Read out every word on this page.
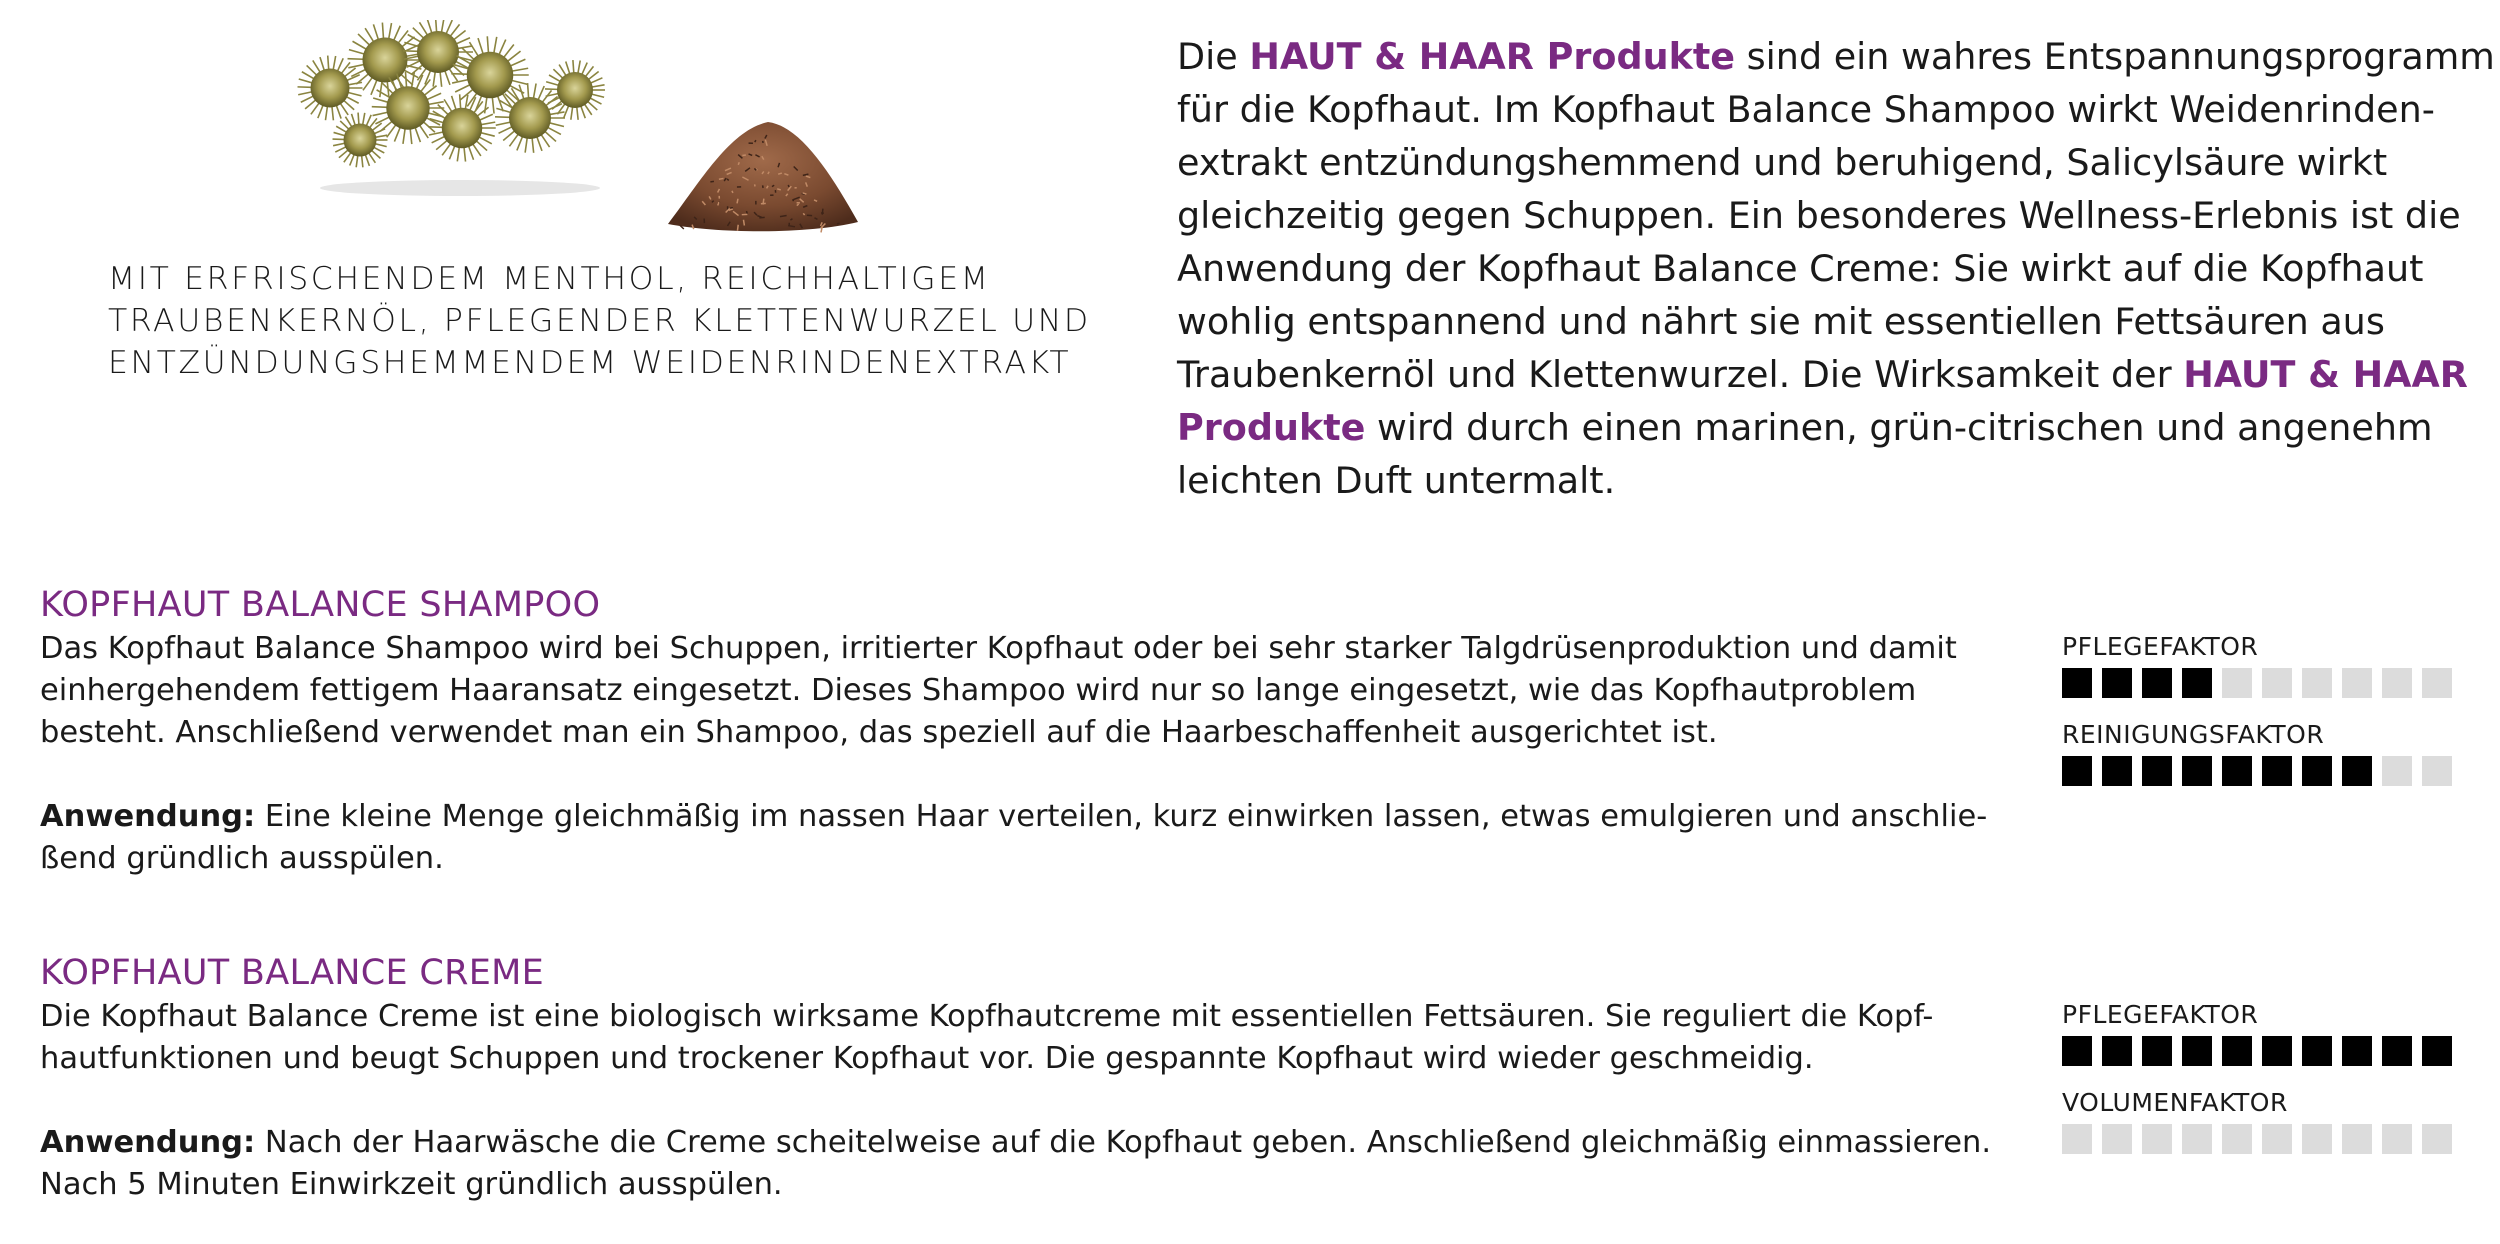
MIT ERFRISCHENDEM MENTHOL, REICHHALTIGEM
TRAUBENKERNÖL, PFLEGENDER KLETTENWURZEL UND
ENTZÜNDUNGSHEMMENDEM WEIDENRINDENEXTRAKT
Die HAUT & HAAR Produkte sind ein wahres Entspannungsprogramm
für die Kopfhaut. Im Kopfhaut Balance Shampoo wirkt Weidenrinden-
extrakt entzündungshemmend und beruhigend, Salicylsäure wirkt
gleichzeitig gegen Schuppen. Ein besonderes Wellness-Erlebnis ist die
Anwendung der Kopfhaut Balance Creme: Sie wirkt auf die Kopfhaut
wohlig entspannend und nährt sie mit essentiellen Fettsäuren aus
Traubenkernöl und Klettenwurzel. Die Wirksamkeit der HAUT & HAAR
Produkte wird durch einen marinen, grün-citrischen und angenehm
leichten Duft untermalt.
KOPFHAUT BALANCE SHAMPOO
Das Kopfhaut Balance Shampoo wird bei Schuppen, irritierter Kopfhaut oder bei sehr starker Talgdrüsenproduktion und damit
einhergehendem fettigem Haaransatz eingesetzt. Dieses Shampoo wird nur so lange eingesetzt, wie das Kopfhautproblem
besteht. Anschließend verwendet man ein Shampoo, das speziell auf die Haarbeschaffenheit ausgerichtet ist.
Anwendung: Eine kleine Menge gleichmäßig im nassen Haar verteilen, kurz einwirken lassen, etwas emulgieren und anschlie-
ßend gründlich ausspülen.
PFLEGEFAKTOR
REINIGUNGSFAKTOR
KOPFHAUT BALANCE CREME
Die Kopfhaut Balance Creme ist eine biologisch wirksame Kopfhautcreme mit essentiellen Fettsäuren. Sie reguliert die Kopf-
hautfunktionen und beugt Schuppen und trockener Kopfhaut vor. Die gespannte Kopfhaut wird wieder geschmeidig.
Anwendung: Nach der Haarwäsche die Creme scheitelweise auf die Kopfhaut geben. Anschließend gleichmäßig einmassieren.
Nach 5 Minuten Einwirkzeit gründlich ausspülen.
PFLEGEFAKTOR
VOLUMENFAKTOR
